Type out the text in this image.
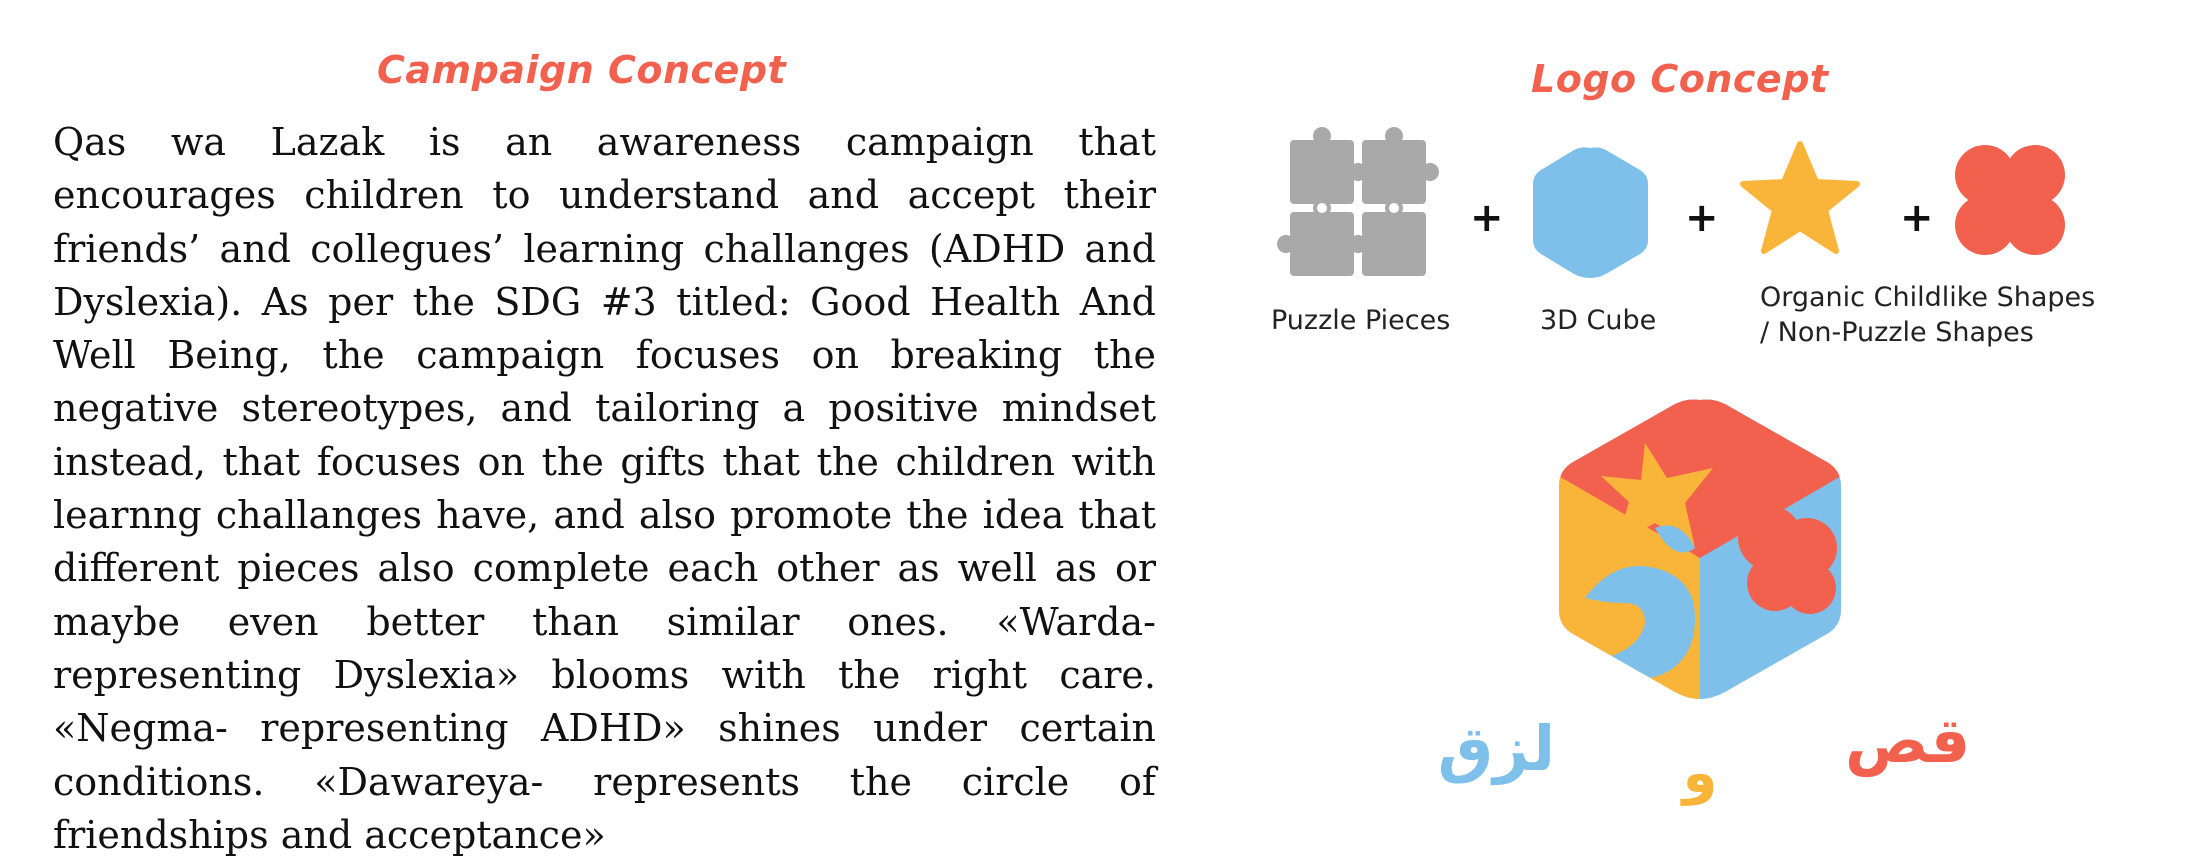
Campaign Concept

Qas wa Lazak is an awareness campaign that encourages children to understand and accept their friends’ and collegues’ learning challanges (ADHD and Dyslexia). As per the SDG #3 titled: Good Health And Well Being, the campaign focuses on breaking the negative stereotypes, and tailoring a positive mindset instead, that focuses on the gifts that the children with learnng challanges have, and also promote the idea that different pieces also complete each other as well as or maybe even better than similar ones. «Warda- representing Dyslexia» blooms with the right care. «Negma- representing ADHD» shines under certain conditions. «Dawareya- represents the circle of friendships and acceptance»

Logo Concept
+	+	+
Puzzle Pieces	3D Cube
Organic Childlike Shapes
/ Non-Puzzle Shapes
قص
و
لزق
